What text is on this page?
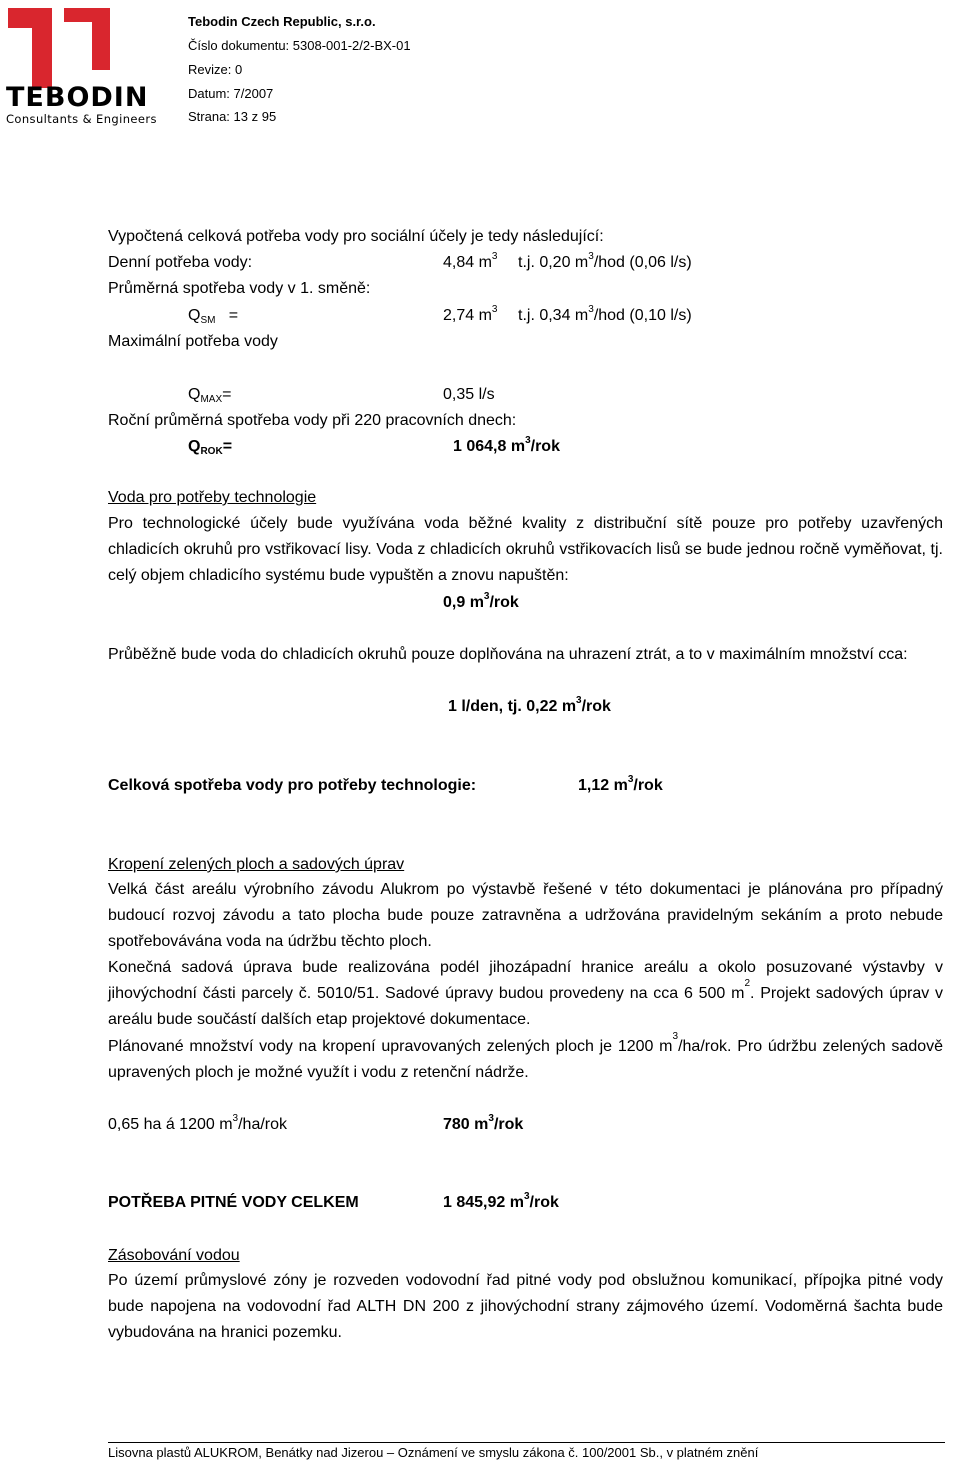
TEBODIN
Consultants & Engineers
Tebodin Czech Republic, s.r.o.
Číslo dokumentu: 5308-001-2/2-BX-01
Revize: 0
Datum: 7/2007
Strana: 13 z 95
Vypočtená celková potřeba vody pro sociální účely je tedy následující:
Denní potřeba vody:	4,84 $m^3$ t.j. 0,20 $m^3$/hod (0,06 l/s)
Průměrná spotřeba vody v 1. směně:
$Q_{SM}$ =	2,74 $m^3$ t.j. 0,34 $m^3$/hod (0,10 l/s)
Maximální potřeba vody
$Q_{MAX}=$	0,35 l/s
Roční průměrná spotřeba vody při 220 pracovních dnech:
$Q_{ROK}=$	1 064,8 $m^3$/rok
Voda pro potřeby technologie
Pro technologické účely bude využívána voda běžné kvality z distribuční sítě pouze pro potřeby uzavřených chladicích okruhů pro vstřikovací lisy. Voda z chladicích okruhů vstřikovacích lisů se bude jednou ročně vyměňovat, tj. celý objem chladicího systému bude vypuštěn a znovu napuštěn:
0,9 $m^3$/rok
Průběžně bude voda do chladicích okruhů pouze doplňována na uhrazení ztrát, a to v maximálním množství cca:
1 l/den, tj. 0,22 $m^3$/rok
Celková spotřeba vody pro potřeby technologie:	1,12 $m^3$/rok
Kropení zelených ploch a sadových úprav
Velká část areálu výrobního závodu Alukrom po výstavbě řešené v této dokumentaci je plánována pro případný budoucí rozvoj závodu a tato plocha bude pouze zatravněna a udržována pravidelným sekáním a proto nebude spotřebovávána voda na údržbu těchto ploch.
Konečná sadová úprava bude realizována podél jihozápadní hranice areálu a okolo posuzované výstavby v jihovýchodní části parcely č. 5010/51. Sadové úpravy budou provedeny na cca 6 500 $m^2$. Projekt sadových úprav v areálu bude součástí dalších etap projektové dokumentace.
Plánované množství vody na kropení upravovaných zelených ploch je 1200 $m^3/ha$/rok. Pro údržbu zelených sadově upravených ploch je možné využít i vodu z retenční nádrže.
0,65 ha á 1200 $m^3/ha$/rok	780 $m^3$/rok
POTŘEBA PITNÉ VODY CELKEM	1 845,92 $m^3$/rok
Zásobování vodou
Po území průmyslové zóny je rozveden vodovodní řad pitné vody pod obslužnou komunikací, přípojka pitné vody bude napojena na vodovodní řad ALTH DN 200 z jihovýchodní strany zájmového území. Vodoměrná šachta bude vybudována na hranici pozemku.
Lisovna plastů ALUKROM, Benátky nad Jizerou – Oznámení ve smyslu zákona č. 100/2001 Sb., v platném znění
